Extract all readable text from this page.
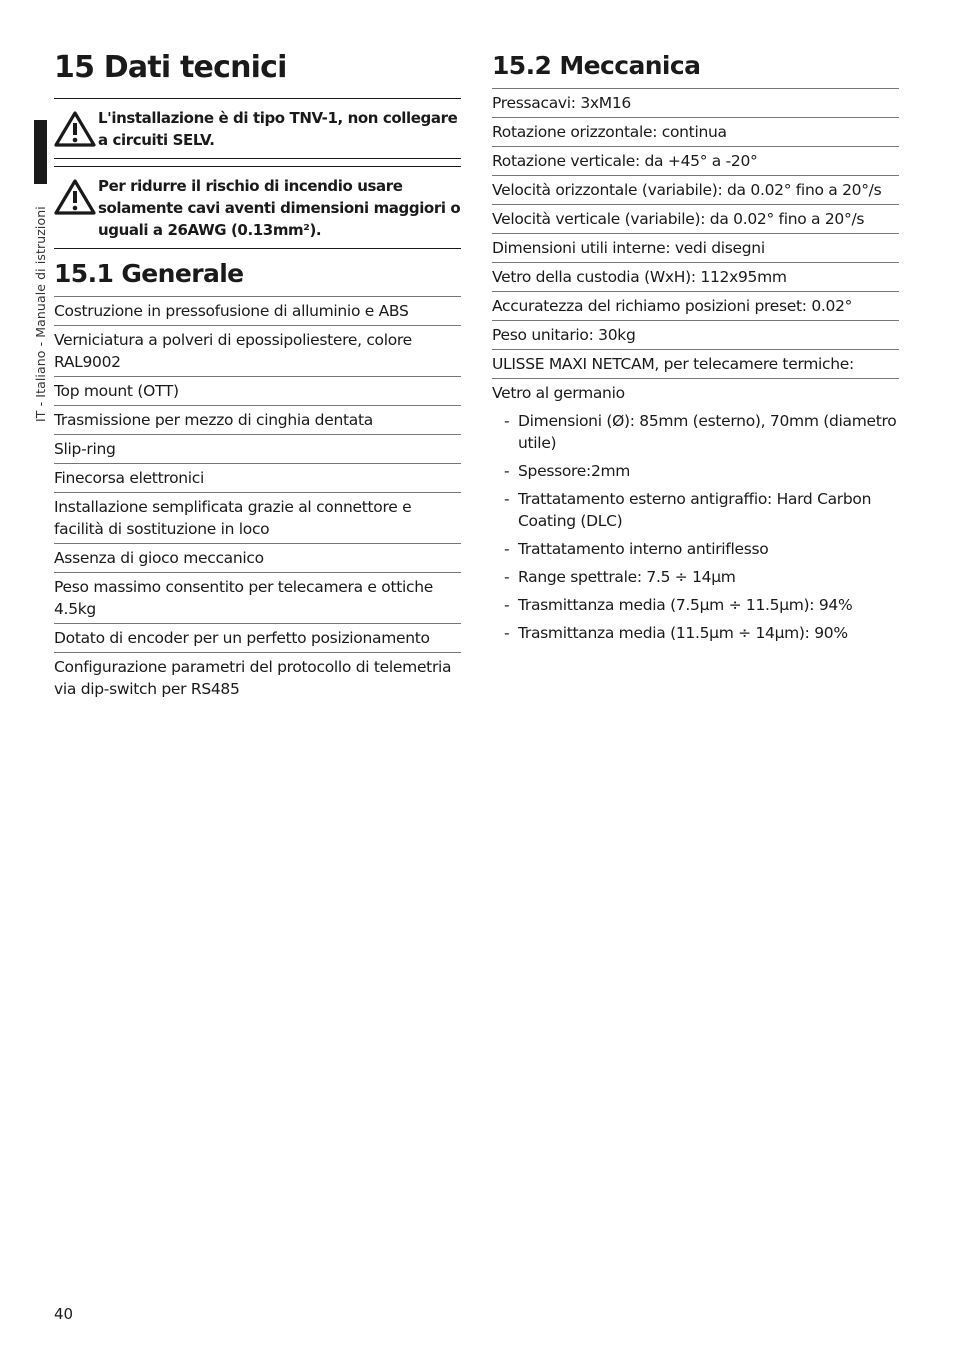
IT - Italiano - Manuale di istruzioni
15 Dati tecnici
L'installazione è di tipo TNV-1, non collegare a circuiti SELV.
Per ridurre il rischio di incendio usare solamente cavi aventi dimensioni maggiori o uguali a 26AWG (0.13mm²).
15.1 Generale
Costruzione in pressofusione di alluminio e ABS
Verniciatura a polveri di epossipoliestere, colore RAL9002
Top mount (OTT)
Trasmissione per mezzo di cinghia dentata
Slip-ring
Finecorsa elettronici
Installazione semplificata grazie al connettore e facilità di sostituzione in loco
Assenza di gioco meccanico
Peso massimo consentito per telecamera e ottiche 4.5kg
Dotato di encoder per un perfetto posizionamento
Configurazione parametri del protocollo di telemetria via dip-switch per RS485
15.2 Meccanica
Pressacavi: 3xM16
Rotazione orizzontale: continua
Rotazione verticale: da +45° a -20°
Velocità orizzontale (variabile): da 0.02° fino a 20°/s
Velocità verticale (variabile): da 0.02° fino a 20°/s
Dimensioni utili interne: vedi disegni
Vetro della custodia (WxH): 112x95mm
Accuratezza del richiamo posizioni preset: 0.02°
Peso unitario: 30kg
ULISSE MAXI NETCAM, per telecamere termiche:
Vetro al germanio
- Dimensioni (Ø): 85mm (esterno), 70mm (diametro utile)
- Spessore:2mm
- Trattatamento esterno antigraffio: Hard Carbon Coating (DLC)
- Trattatamento interno antiriflesso
- Range spettrale: 7.5 ÷ 14μm
- Trasmittanza media (7.5μm ÷ 11.5μm): 94%
- Trasmittanza media (11.5μm ÷ 14μm): 90%
40
